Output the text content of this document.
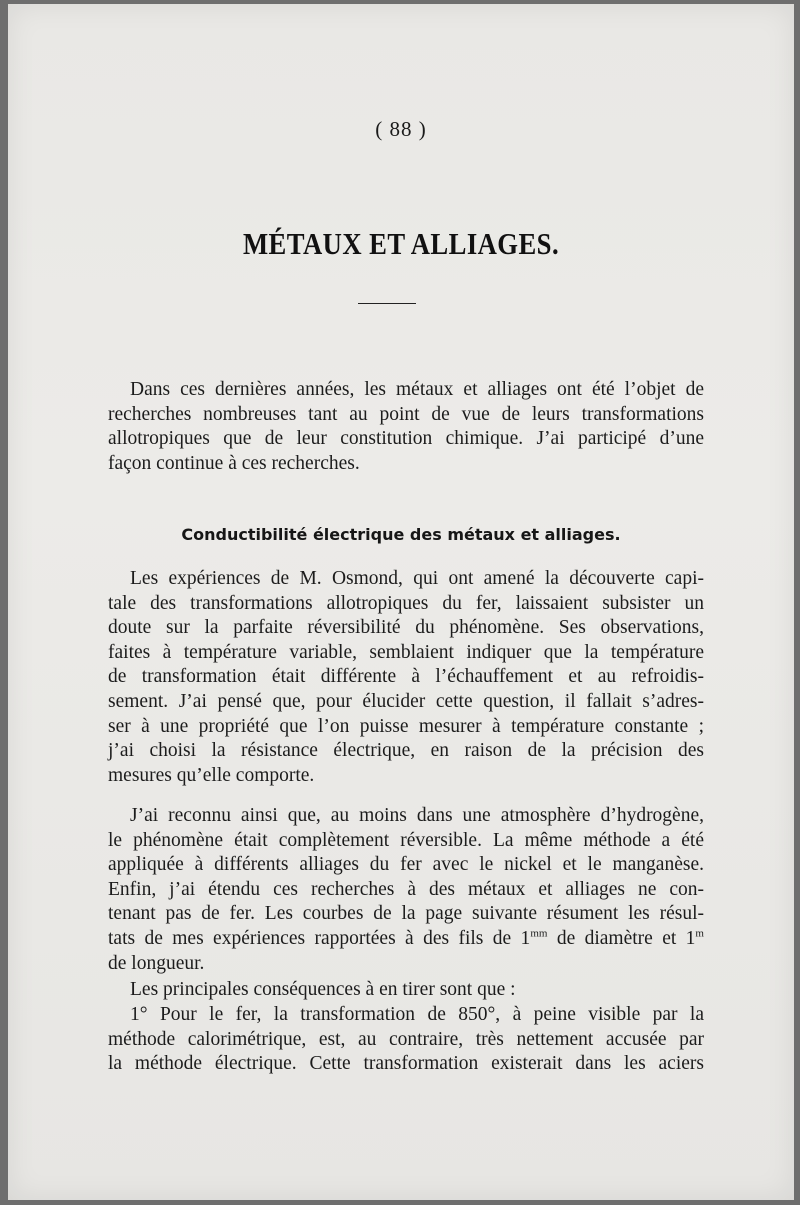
( 88 )
MÉTAUX ET ALLIAGES.
Dans ces dernières années, les métaux et alliages ont été l’objet de
recherches nombreuses tant au point de vue de leurs transformations
allotropiques que de leur constitution chimique. J’ai participé d’une
façon continue à ces recherches.
Conductibilité électrique des métaux et alliages.
Les expériences de M. Osmond, qui ont amené la découverte capi-
tale des transformations allotropiques du fer, laissaient subsister un
doute sur la parfaite réversibilité du phénomène. Ses observations,
faites à température variable, semblaient indiquer que la température
de transformation était différente à l’échauffement et au refroidis-
sement. J’ai pensé que, pour élucider cette question, il fallait s’adres-
ser à une propriété que l’on puisse mesurer à température constante ;
j’ai choisi la résistance électrique, en raison de la précision des
mesures qu’elle comporte.
J’ai reconnu ainsi que, au moins dans une atmosphère d’hydrogène,
le phénomène était complètement réversible. La même méthode a été
appliquée à différents alliages du fer avec le nickel et le manganèse.
Enfin, j’ai étendu ces recherches à des métaux et alliages ne con-
tenant pas de fer. Les courbes de la page suivante résument les résul-
tats de mes expériences rapportées à des fils de $1^{mm}$ de diamètre et 1$^m$
de longueur.
Les principales conséquences à en tirer sont que :
1° Pour le fer, la transformation de 850°, à peine visible par la
méthode calorimétrique, est, au contraire, très nettement accusée par
la méthode électrique. Cette transformation existerait dans les aciers
